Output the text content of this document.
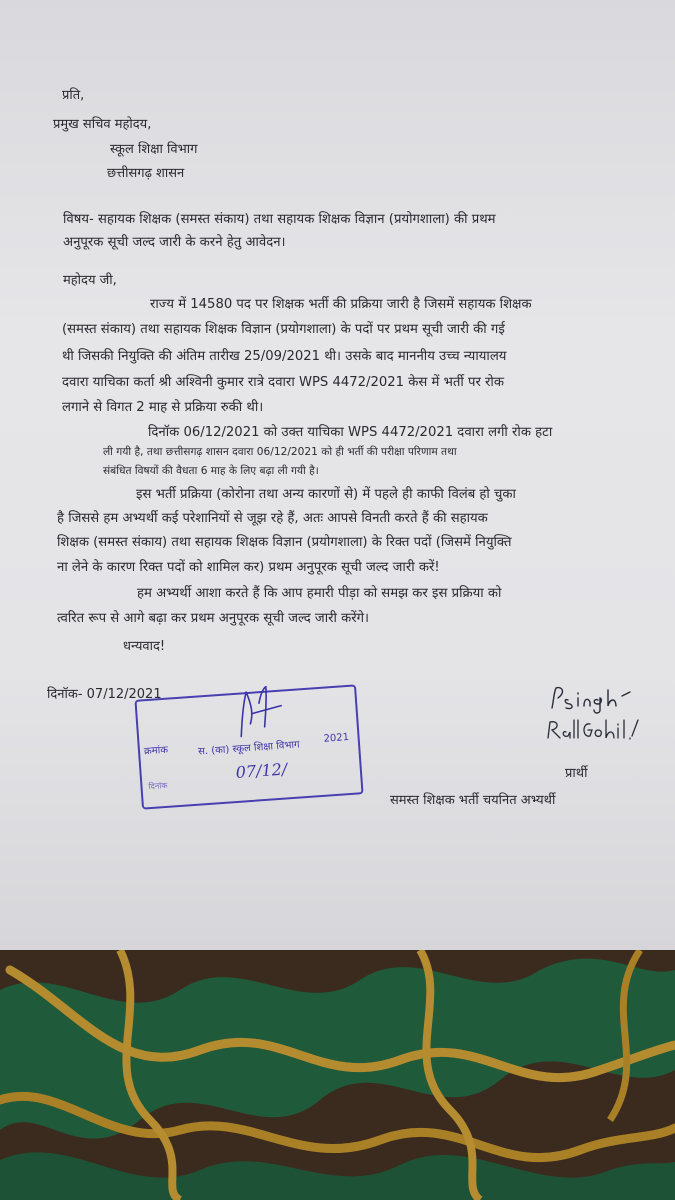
प्रति,
प्रमुख सचिव महोदय,
स्कूल शिक्षा विभाग
छत्तीसगढ़ शासन
विषय- सहायक शिक्षक (समस्त संकाय) तथा सहायक शिक्षक विज्ञान (प्रयोगशाला) की प्रथम
अनुपूरक सूची जल्द जारी के करने हेतु आवेदन।
महोदय जी,
राज्य में 14580 पद पर शिक्षक भर्ती की प्रक्रिया जारी है जिसमें सहायक शिक्षक
(समस्त संकाय) तथा सहायक शिक्षक विज्ञान (प्रयोगशाला) के पदों पर प्रथम सूची जारी की गई
थी जिसकी नियुक्ति की अंतिम तारीख 25/09/2021 थी। उसके बाद माननीय उच्च न्यायालय
दवारा याचिका कर्ता श्री अश्विनी कुमार रात्रे दवारा WPS 4472/2021 केस में भर्ती पर रोक
लगाने से विगत 2 माह से प्रक्रिया रुकी थी।
दिनॉक 06/12/2021 को उक्त याचिका WPS 4472/2021 दवारा लगी रोक हटा
ली गयी है, तथा छत्तीसगढ़ शासन दवारा 06/12/2021 को ही भर्ती की परीक्षा परिणाम तथा
संबंधित विषयों की वैधता 6 माह के लिए बढ़ा ली गयी है।
इस भर्ती प्रक्रिया (कोरोना तथा अन्य कारणों से) में पहले ही काफी विलंब हो चुका
है जिससे हम अभ्यर्थी कई परेशानियों से जूझ रहे हैं, अतः आपसे विनती करते हैं की सहायक
शिक्षक (समस्त संकाय) तथा सहायक शिक्षक विज्ञान (प्रयोगशाला) के रिक्त पदों (जिसमें नियुक्ति
ना लेने के कारण रिक्त पदों को शामिल कर) प्रथम अनुपूरक सूची जल्द जारी करें!
हम अभ्यर्थी आशा करते हैं कि आप हमारी पीड़ा को समझ कर इस प्रक्रिया को
त्वरित रूप से आगे बढ़ा कर प्रथम अनुपूरक सूची जल्द जारी करेंगे।
धन्यवाद!
दिनॉक- 07/12/2021
क्रमांक	स. (का) स्कूल शिक्षा विभाग
2021
07/12/
दिनांक
प्रार्थी
समस्त शिक्षक भर्ती चयनित अभ्यर्थी
